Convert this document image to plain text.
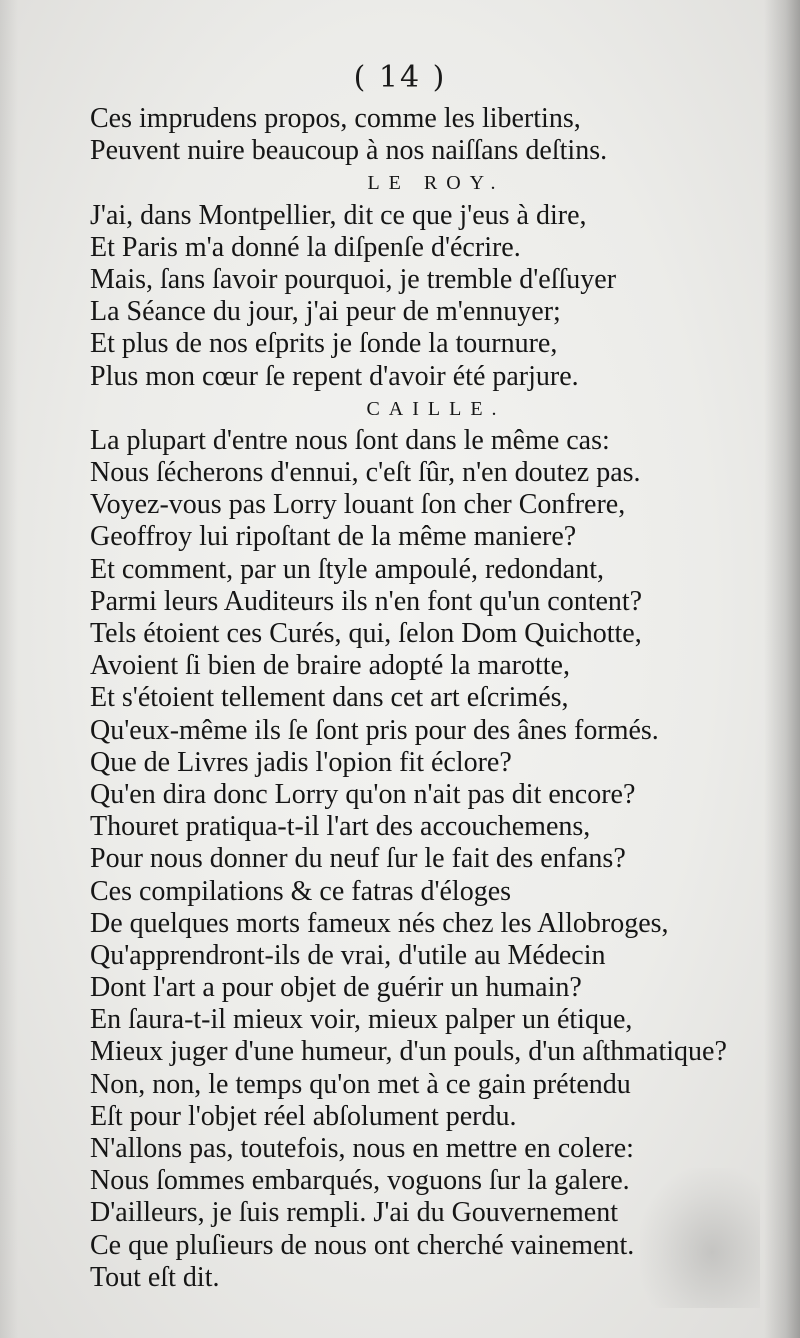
( 14 )
Ces imprudens propos, comme les libertins,
Peuvent nuire beaucoup à nos naiſſans deſtins.
LE ROY.
J'ai, dans Montpellier, dit ce que j'eus à dire,
Et Paris m'a donné la diſpenſe d'écrire.
Mais, ſans ſavoir pourquoi, je tremble d'eſſuyer
La Séance du jour, j'ai peur de m'ennuyer;
Et plus de nos eſprits je ſonde la tournure,
Plus mon cœur ſe repent d'avoir été parjure.
CAILLE.
La plupart d'entre nous ſont dans le même cas:
Nous ſécherons d'ennui, c'eſt ſûr, n'en doutez pas.
Voyez-vous pas Lorry louant ſon cher Confrere,
Geoffroy lui ripoſtant de la même maniere?
Et comment, par un ſtyle ampoulé, redondant,
Parmi leurs Auditeurs ils n'en font qu'un content?
Tels étoient ces Curés, qui, ſelon Dom Quichotte,
Avoient ſi bien de braire adopté la marotte,
Et s'étoient tellement dans cet art eſcrimés,
Qu'eux-même ils ſe ſont pris pour des ânes formés.
Que de Livres jadis l'opion fit éclore?
Qu'en dira donc Lorry qu'on n'ait pas dit encore?
Thouret pratiqua-t-il l'art des accouchemens,
Pour nous donner du neuf ſur le fait des enfans?
Ces compilations & ce fatras d'éloges
De quelques morts fameux nés chez les Allobroges,
Qu'apprendront-ils de vrai, d'utile au Médecin
Dont l'art a pour objet de guérir un humain?
En ſaura-t-il mieux voir, mieux palper un étique,
Mieux juger d'une humeur, d'un pouls, d'un aſthmatique?
Non, non, le temps qu'on met à ce gain prétendu
Eſt pour l'objet réel abſolument perdu.
N'allons pas, toutefois, nous en mettre en colere:
Nous ſommes embarqués, voguons ſur la galere.
D'ailleurs, je ſuis rempli. J'ai du Gouvernement
Ce que pluſieurs de nous ont cherché vainement.
Tout eſt dit.
